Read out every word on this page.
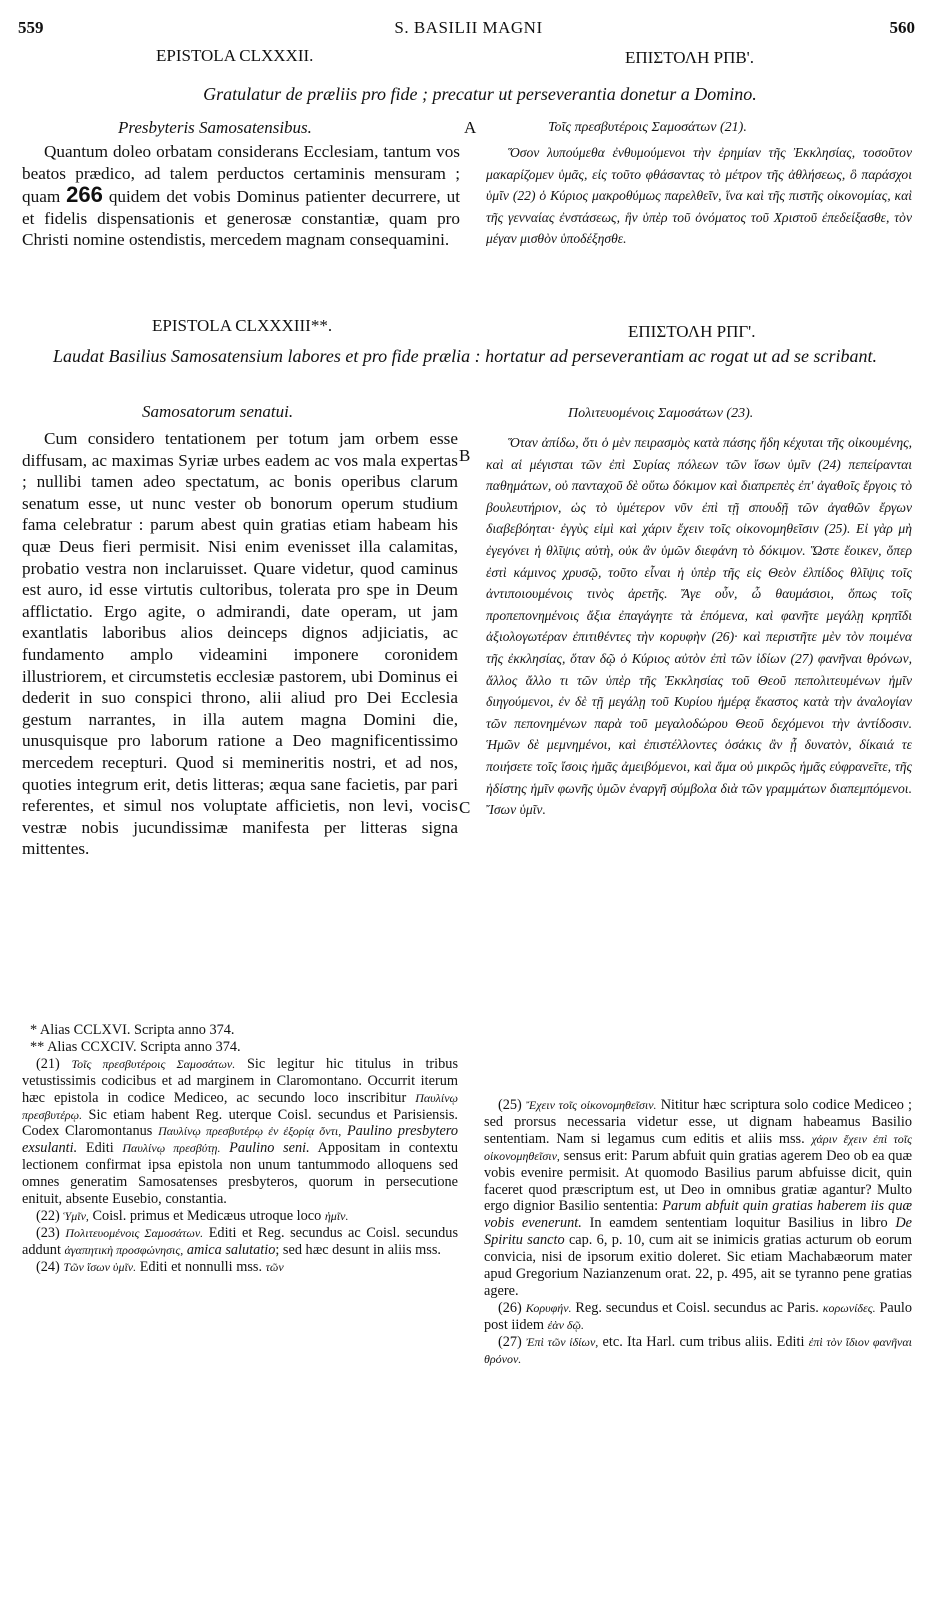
559	S. BASILII MAGNI	560
EPISTOLA CLXXXII.	ΕΠΙΣΤΟΛΗ ΡΠΒ'.
Gratulatur de præliis pro fide ; precatur ut perseverantia donetur a Domino.
Presbyteris Samosatensibus.	A	Τοῖς πρεσβυτέροις Σαμοσάτων (21).

Quantum doleo orbatam considerans Ecclesiam, tantum vos beatos prædico, ad talem perductos certaminis mensuram ; quam 266 quidem det vobis Dominus patienter decurrere, ut et fidelis dispensationis et generosæ constantiæ, quam pro Christi nomine ostendistis, mercedem magnam consequamini.

Ὅσον λυπούμεθα ἐνθυμούμενοι τὴν ἐρημίαν τῆς Ἐκκλησίας, τοσοῦτον μακαρίζομεν ὑμᾶς, εἰς τοῦτο φθάσαντας τὸ μέτρον τῆς ἀθλήσεως, ὃ παράσχοι ὑμῖν (22) ὁ Κύριος μακροθύμως παρελθεῖν, ἵνα καὶ τῆς πιστῆς οἰκονομίας, καὶ τῆς γενναίας ἐνστάσεως, ἣν ὑπὲρ τοῦ ὀνόματος τοῦ Χριστοῦ ἐπεδείξασθε, τὸν μέγαν μισθὸν ὑποδέξησθε.

EPISTOLA CLXXXIII**.	ΕΠΙΣΤΟΛΗ ΡΠΓ'.
Laudat Basilius Samosatensium labores et pro fide prælia : hortatur ad perseverantiam ac rogat ut ad se scribant.
Samosatorum senatui.	Πολιτευομένοις Σαμοσάτων (23).
B
C

Cum considero tentationem per totum jam orbem esse diffusam, ac maximas Syriæ urbes eadem ac vos mala expertas ; nullibi tamen adeo spectatum, ac bonis operibus clarum senatum esse, ut nunc vester ob bonorum operum studium fama celebratur : parum abest quin gratias etiam habeam his quæ Deus fieri permisit. Nisi enim evenisset illa calamitas, probatio vestra non inclaruisset. Quare videtur, quod caminus est auro, id esse virtutis cultoribus, tolerata pro spe in Deum afflictatio. Ergo agite, o admirandi, date operam, ut jam exantlatis laboribus alios deinceps dignos adjiciatis, ac fundamento amplo videamini imponere coronidem illustriorem, et circumstetis ecclesiæ pastorem, ubi Dominus ei dederit in suo conspici throno, alii aliud pro Dei Ecclesia gestum narrantes, in illa autem magna Domini die, unusquisque pro laborum ratione a Deo magnificentissimo mercedem recepturi. Quod si memineritis nostri, et ad nos, quoties integrum erit, detis litteras; æqua sane facietis, par pari referentes, et simul nos voluptate afficietis, non levi, vocis vestræ nobis jucundissimæ manifesta per litteras signa mittentes.

Ὅταν ἀπίδω, ὅτι ὁ μὲν πειρασμὸς κατὰ πάσης ἤδη κέχυται τῆς οἰκουμένης, καὶ αἱ μέγισται τῶν ἐπὶ Συρίας πόλεων τῶν ἴσων ὑμῖν (24) πεπείρανται παθημάτων, οὐ πανταχοῦ δὲ οὕτω δόκιμον καὶ διαπρεπὲς ἐπ' ἀγαθοῖς ἔργοις τὸ βουλευτήριον, ὡς τὸ ὑμέτερον νῦν ἐπὶ τῇ σπουδῇ τῶν ἀγαθῶν ἔργων διαβεβόηται· ἐγγὺς εἰμὶ καὶ χάριν ἔχειν τοῖς οἰκονομηθεῖσιν (25). Εἰ γὰρ μὴ ἐγεγόνει ἡ θλῖψις αὐτὴ, οὐκ ἂν ὑμῶν διεφάνη τὸ δόκιμον. Ὥστε ἔοικεν, ὅπερ ἐστὶ κάμινος χρυσῷ, τοῦτο εἶναι ἡ ὑπὲρ τῆς εἰς Θεὸν ἐλπίδος θλῖψις τοῖς ἀντιποιουμένοις τινὸς ἀρετῆς. Ἄγε οὖν, ὦ θαυμάσιοι, ὅπως τοῖς προπεπονημένοις ἄξια ἐπαγάγητε τὰ ἑπόμενα, καὶ φανῆτε μεγάλῃ κρηπῖδι ἀξιολογωτέραν ἐπιτιθέντες τὴν κορυφὴν (26)· καὶ περιστῆτε μὲν τὸν ποιμένα τῆς ἐκκλησίας, ὅταν δῷ ὁ Κύριος αὐτὸν ἐπὶ τῶν ἰδίων (27) φανῆναι θρόνων, ἄλλος ἄλλο τι τῶν ὑπὲρ τῆς Ἐκκλησίας τοῦ Θεοῦ πεπολιτευμένων ἡμῖν διηγούμενοι, ἐν δὲ τῇ μεγάλῃ τοῦ Κυρίου ἡμέρᾳ ἕκαστος κατὰ τὴν ἀναλογίαν τῶν πεπονημένων παρὰ τοῦ μεγαλοδώρου Θεοῦ δεχόμενοι τὴν ἀντίδοσιν. Ἡμῶν δὲ μεμνημένοι, καὶ ἐπιστέλλοντες ὁσάκις ἂν ᾖ δυνατὸν, δίκαιά τε ποιήσετε τοῖς ἴσοις ἡμᾶς ἀμειβόμενοι, καὶ ἅμα οὐ μικρῶς ἡμᾶς εὐφρανεῖτε, τῆς ἡδίστης ἡμῖν φωνῆς ὑμῶν ἐναργῆ σύμβολα διὰ τῶν γραμμάτων διαπεμπόμενοι. Ἴσων ὑμῖν.

* Alias CCLXVI. Scripta anno 374.

** Alias CCXCIV. Scripta anno 374.

(21) Τοῖς πρεσβυτέροις Σαμοσάτων. Sic legitur hic titulus in tribus vetustissimis codicibus et ad marginem in Claromontano. Occurrit iterum hæc epistola in codice Mediceo, ac secundo loco inscribitur Παυλίνῳ πρεσβυτέρῳ. Sic etiam habent Reg. uterque Coisl. secundus et Parisiensis. Codex Claromontanus Παυλίνῳ πρεσβυτέρῳ ἐν ἐξορίᾳ ὄντι, Paulino presbytero exsulanti. Editi Παυλίνῳ πρεσβύτῃ. Paulino seni. Appositam in contextu lectionem confirmat ipsa epistola non unum tantummodo alloquens sed omnes generatim Samosatenses presbyteros, quorum in persecutione enituit, absente Eusebio, constantia.

(22) Ὑμῖν, Coisl. primus et Medicæus utroque loco ἡμῖν.

(23) Πολιτευομένοις Σαμοσάτων. Editi et Reg. secundus ac Coisl. secundus addunt ἀγαπητικὴ προσφώνησις, amica salutatio; sed hæc desunt in aliis mss.

(24) Τῶν ἴσων ὑμῖν. Editi et nonnulli mss. τῶν

(25) Ἔχειν τοῖς οἰκονομηθεῖσιν. Nititur hæc scriptura solo codice Mediceo ; sed prorsus necessaria videtur esse, ut dignam habeamus Basilio sententiam. Nam si legamus cum editis et aliis mss. χάριν ἔχειν ἐπὶ τοῖς οἰκονομηθεῖσιν, sensus erit: Parum abfuit quin gratias agerem Deo ob ea quæ vobis evenire permisit. At quomodo Basilius parum abfuisse dicit, quin faceret quod præscriptum est, ut Deo in omnibus gratiæ agantur? Multo ergo dignior Basilio sententia: Parum abfuit quin gratias haberem iis quæ vobis evenerunt. In eamdem sententiam loquitur Basilius in libro De Spiritu sancto cap. 6, p. 10, cum ait se inimicis gratias acturum ob eorum convicia, nisi de ipsorum exitio doleret. Sic etiam Machabæorum mater apud Gregorium Nazianzenum orat. 22, p. 495, ait se tyranno pene gratias agere.

(26) Κορυφήν. Reg. secundus et Coisl. secundus ac Paris. κορωνίδες. Paulo post iidem ἐὰν δῷ.

(27) Ἐπὶ τῶν ἰδίων, etc. Ita Harl. cum tribus aliis. Editi ἐπὶ τὸν ἴδιον φανῆναι θρόνον.
